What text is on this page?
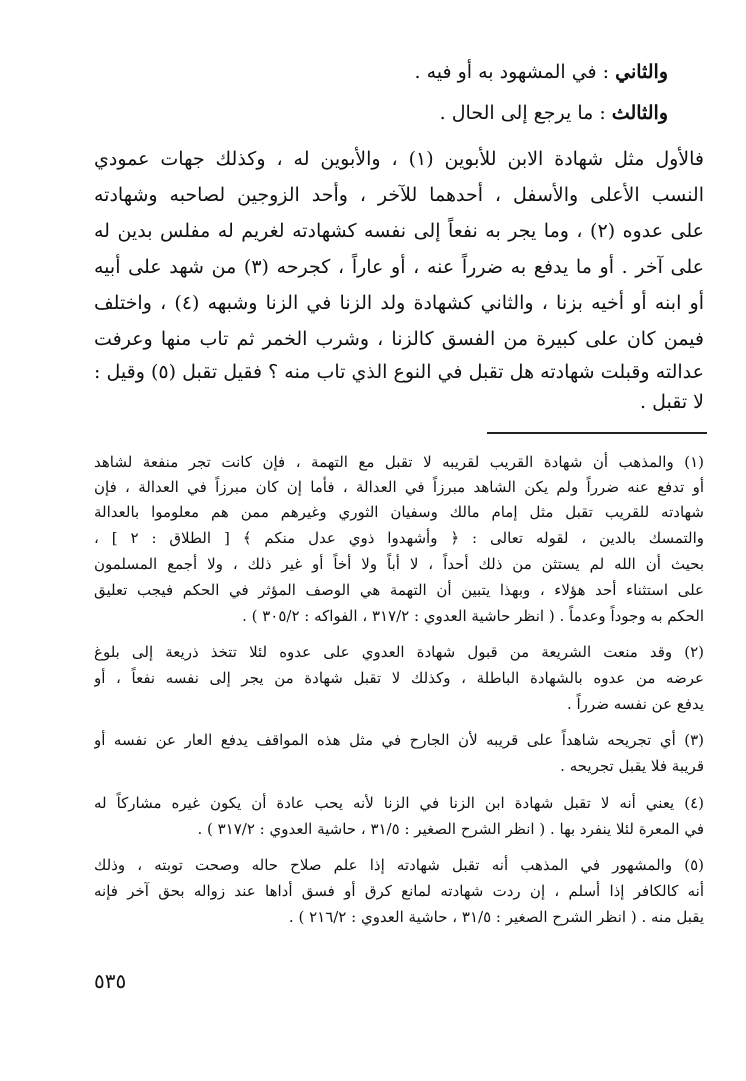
والثاني : في المشهود به أو فيه .
والثالث : ما يرجع إلى الحال .
فالأول مثل شهادة الابن للأبوين (١) ، والأبوين له ، وكذلك جهات عمودي
النسب الأعلى والأسفل ، أحدهما للآخر ، وأحد الزوجين لصاحبه وشهادته
على عدوه (٢) ، وما يجر به نفعاً إلى نفسه كشهادته لغريم له مفلس بدين له
على آخر . أو ما يدفع به ضرراً عنه ، أو عاراً ، كجرحه (٣) من شهد على أبيه
أو ابنه أو أخيه بزنا ، والثاني كشهادة ولد الزنا في الزنا وشبهه (٤) ، واختلف
فيمن كان على كبيرة من الفسق كالزنا ، وشرب الخمر ثم تاب منها وعرفت
عدالته وقبلت شهادته هل تقبل في النوع الذي تاب منه ؟ فقيل تقبل (٥) وقيل :
لا تقبل .
(١) والمذهب أن شهادة القريب لقريبه لا تقبل مع التهمة ، فإن كانت تجر منفعة لشاهد
أو تدفع عنه ضرراً ولم يكن الشاهد مبرزاً في العدالة ، فأما إن كان مبرزاً في العدالة ، فإن
شهادته للقريب تقبل مثل إمام مالك وسفيان الثوري وغيرهم ممن هم معلوموا بالعدالة
والتمسك بالدين ، لقوله تعالى : ﴿ وأشهدوا ذوي عدل منكم ﴾ [ الطلاق : ٢ ] ،
بحيث أن الله لم يستثن من ذلك أحداً ، لا أباً ولا أخاً أو غير ذلك ، ولا أجمع المسلمون
على استثناء أحد هؤلاء ، وبهذا يتبين أن التهمة هي الوصف المؤثر في الحكم فيجب تعليق
الحكم به وجوداً وعدماً . ( انظر حاشية العدوي : ٣١٧/٢ ، الفواكه : ٣٠٥/٢ ) .
(٢) وقد منعت الشريعة من قبول شهادة العدوي على عدوه لئلا تتخذ ذريعة إلى بلوغ
عرضه من عدوه بالشهادة الباطلة ، وكذلك لا تقبل شهادة من يجر إلى نفسه نفعاً ، أو
يدفع عن نفسه ضرراً .
(٣) أي تجريحه شاهداً على قريبه لأن الجارح في مثل هذه المواقف يدفع العار عن نفسه أو
قريبة فلا يقبل تجريحه .
(٤) يعني أنه لا تقبل شهادة ابن الزنا في الزنا لأنه يحب عادة أن يكون غيره مشاركاً له
في المعرة لئلا ينفرد بها . ( انظر الشرح الصغير : ٣١/٥ ، حاشية العدوي : ٣١٧/٢ ) .
(٥) والمشهور في المذهب أنه تقبل شهادته إذا علم صلاح حاله وصحت توبته ، وذلك
أنه كالكافر إذا أسلم ، إن ردت شهادته لمانع كرق أو فسق أداها عند زواله بحق آخر فإنه
يقبل منه . ( انظر الشرح الصغير : ٣١/٥ ، حاشية العدوي : ٢١٦/٢ ) .
٥٣٥
